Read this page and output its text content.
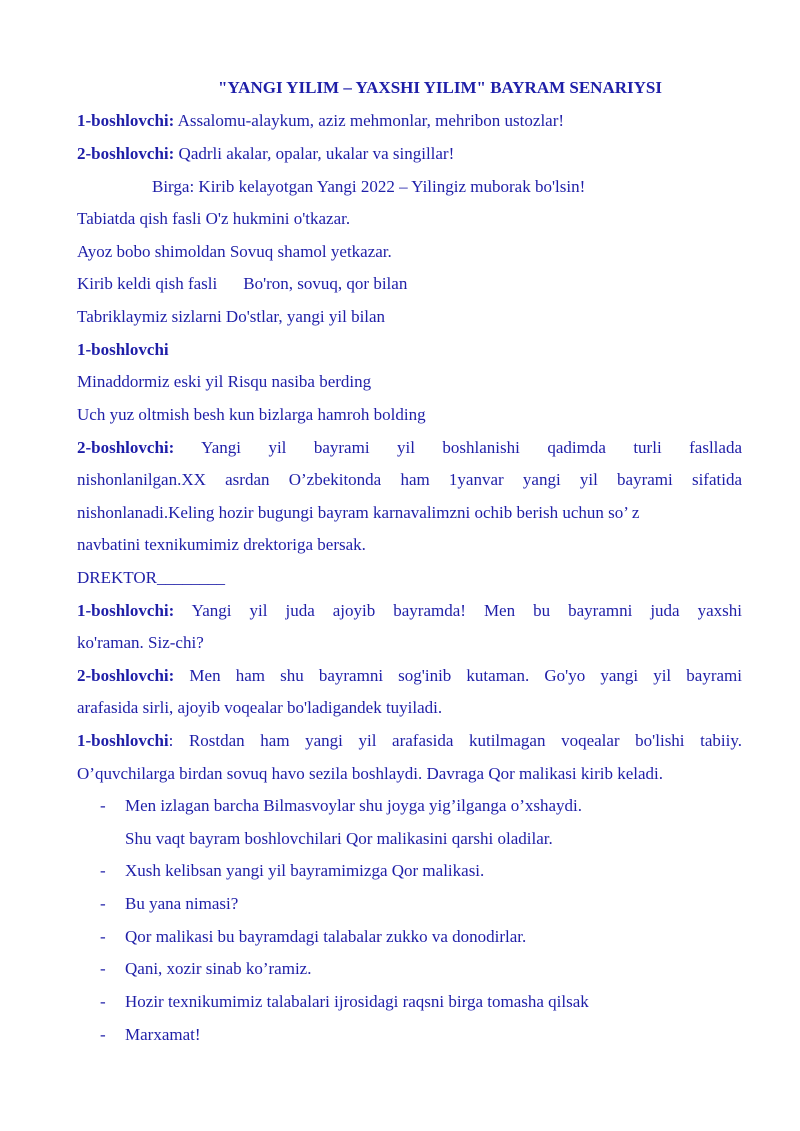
"YANGI YILIM – YAXSHI YILIM" BAYRAM SENARIYSI
1-boshlovchi: Assalomu-alaykum, aziz mehmonlar, mehribon ustozlar!
2-boshlovchi: Qadrli akalar, opalar, ukalar va singillar!
Birga: Kirib kelayotgan Yangi 2022 – Yilingiz muborak bo'lsin!
Tabiatda qish fasli O'z hukmini o'tkazar.
Ayoz bobo shimoldan Sovuq shamol yetkazar.
Kirib keldi qish fasli Bo'ron, sovuq, qor bilan
Tabriklaymiz sizlarni Do'stlar, yangi yil bilan
1-boshlovchi
Minaddormiz eski yil Risqu nasiba berding
Uch yuz oltmish besh kun bizlarga hamroh bolding
2-boshlovchi: Yangi yil bayrami yil boshlanishi qadimda turli fasllada
nishonlanilgan.XX asrdan O’zbekitonda ham 1yanvar yangi yil bayrami sifatida
nishonlanadi.Keling hozir bugungi bayram karnavalimzni ochib berish uchun so’ z
navbatini texnikumimiz drektoriga bersak.
DREKTOR________
1-boshlovchi: Yangi yil juda ajoyib bayramda! Men bu bayramni juda yaxshi
ko'raman. Siz-chi?
2-boshlovchi: Men ham shu bayramni sog'inib kutaman. Go'yo yangi yil bayrami
arafasida sirli, ajoyib voqealar bo'ladigandek tuyiladi.
1-boshlovchi: Rostdan ham yangi yil arafasida kutilmagan voqealar bo'lishi tabiiy.
O’quvchilarga birdan sovuq havo sezila boshlaydi. Davraga Qor malikasi kirib keladi.
-	Men izlagan barcha Bilmasvoylar shu joyga yig’ilganga o’xshaydi.
Shu vaqt bayram boshlovchilari Qor malikasini qarshi oladilar.
-	Xush kelibsan yangi yil bayramimizga Qor malikasi.
-	Bu yana nimasi?
-	Qor malikasi bu bayramdagi talabalar zukko va donodirlar.
-	Qani, xozir sinab ko’ramiz.
-	Hozir texnikumimiz talabalari ijrosidagi raqsni birga tomasha qilsak
-	Marxamat!
